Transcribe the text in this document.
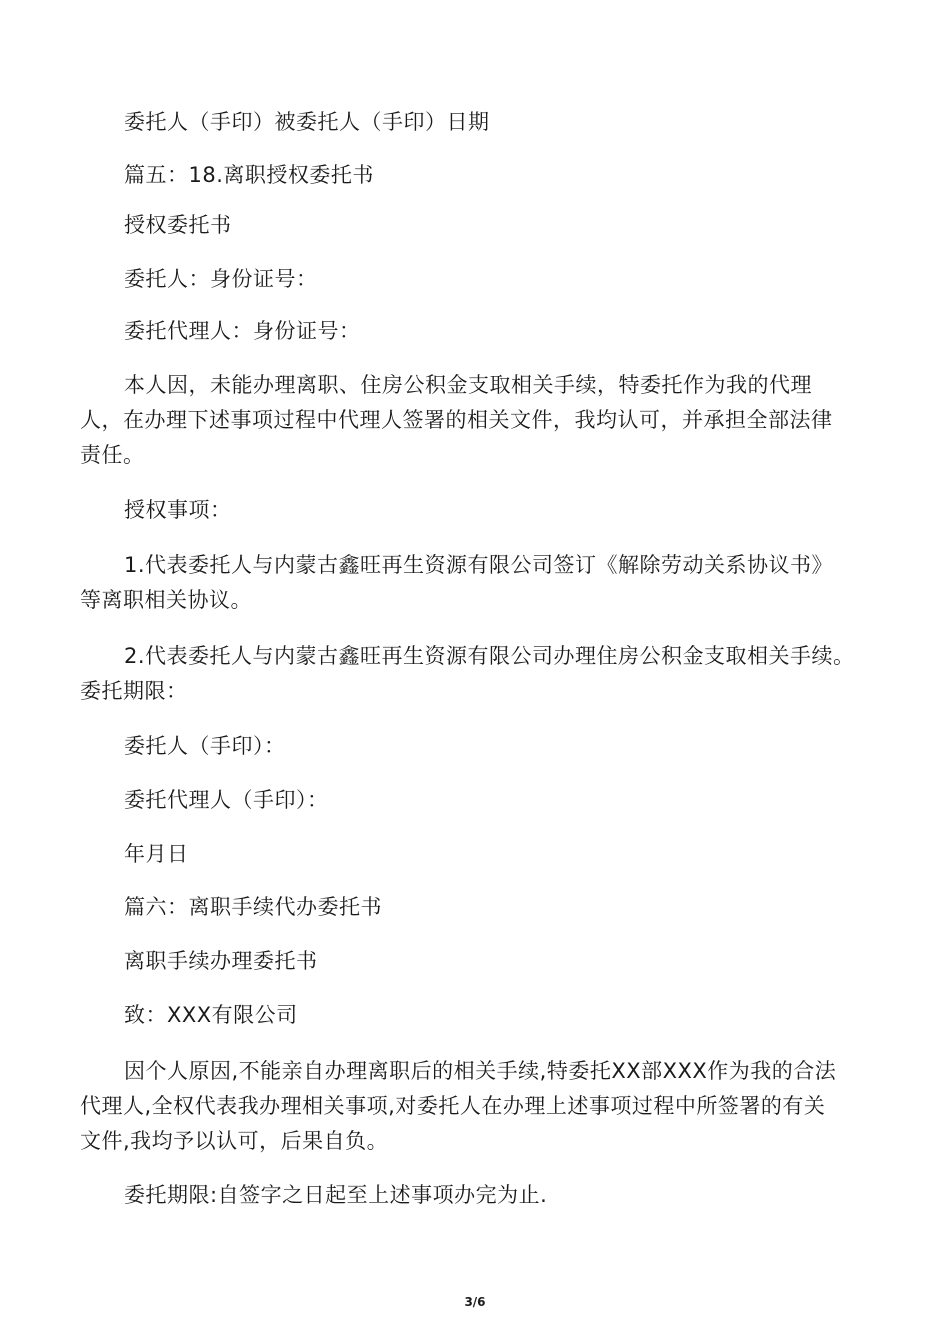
委托人（手印）被委托人（手印）日期

篇五：18.离职授权委托书

授权委托书

委托人：身份证号：

委托代理人：身份证号：

本人因，未能办理离职、住房公积金支取相关手续，特委托作为我的代理

人，在办理下述事项过程中代理人签署的相关文件，我均认可，并承担全部法律

责任。

授权事项：

1.代表委托人与内蒙古鑫旺再生资源有限公司签订《解除劳动关系协议书》

等离职相关协议。

2.代表委托人与内蒙古鑫旺再生资源有限公司办理住房公积金支取相关手续。

委托期限：

委托人（手印）：

委托代理人（手印）：

年月日

篇六：离职手续代办委托书

离职手续办理委托书

致：XXX有限公司

因个人原因,不能亲自办理离职后的相关手续,特委托XX部XXX作为我的合法

代理人,全权代表我办理相关事项,对委托人在办理上述事项过程中所签署的有关

文件,我均予以认可，后果自负。

委托期限:自签字之日起至上述事项办完为止.

3/6
